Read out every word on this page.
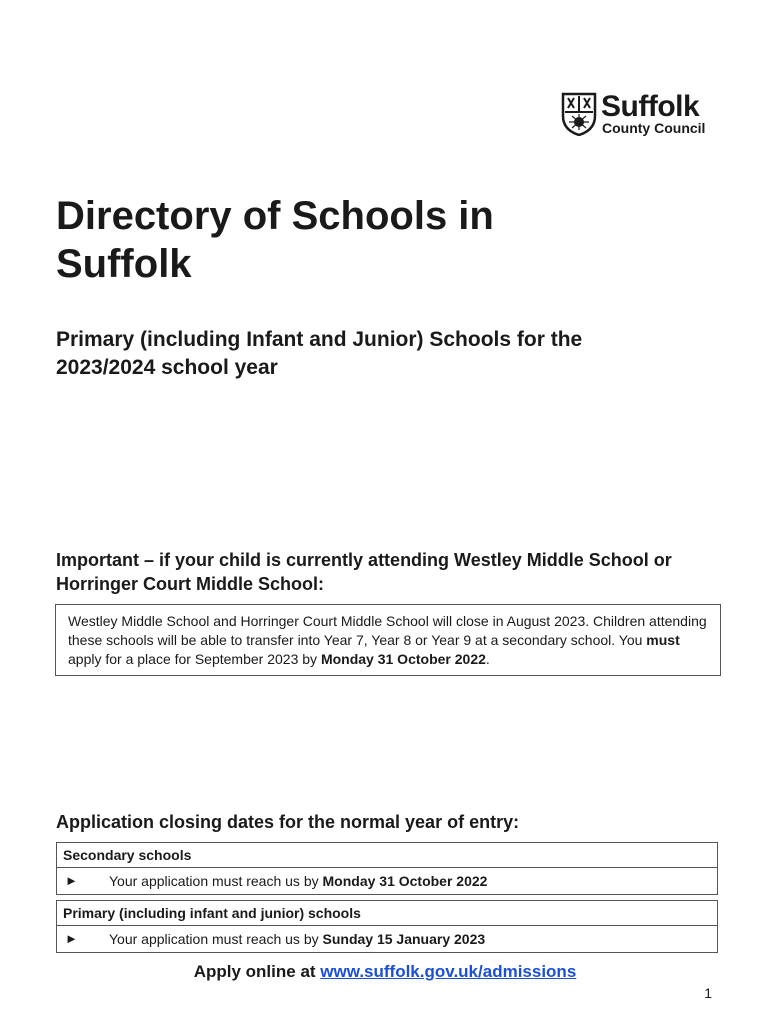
Suffolk
County Council
Directory of Schools in Suffolk
Primary (including Infant and Junior) Schools for the 2023/2024 school year
Important – if your child is currently attending Westley Middle School or Horringer Court Middle School:
Westley Middle School and Horringer Court Middle School will close in August 2023. Children attending these schools will be able to transfer into Year 7, Year 8 or Year 9 at a secondary school. You must apply for a place for September 2023 by Monday 31 October 2022.
Application closing dates for the normal year of entry:
Secondary schools
► Your application must reach us by Monday 31 October 2022
Primary (including infant and junior) schools
► Your application must reach us by Sunday 15 January 2023
Apply online at www.suffolk.gov.uk/admissions
1
